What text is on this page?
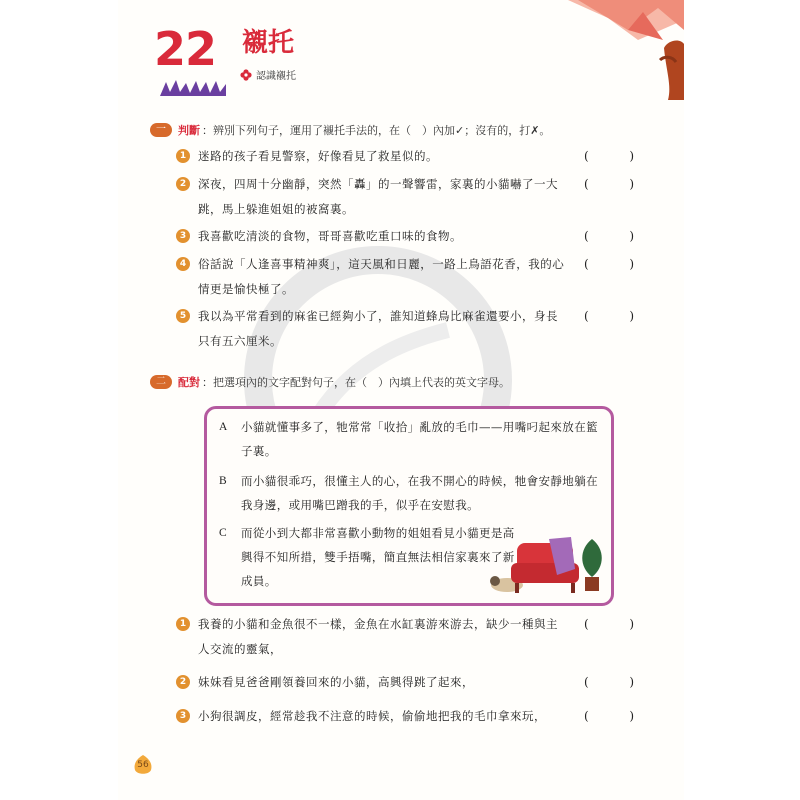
22 襯托
認識襯托
一	判斷 ：辨別下列句子，運用了襯托手法的，在（　）內加✓；沒有的，打✗。
1	迷路的孩子看見警察，好像看見了救星似的。	(	)
2	深夜，四周十分幽靜，突然「轟」的一聲響雷，家裏的小貓嚇了一大跳，馬上躲進姐姐的被窩裏。
(	)
3	我喜歡吃清淡的食物，哥哥喜歡吃重口味的食物。	(	)
4	俗話說「人逢喜事精神爽」，這天風和日麗，一路上鳥語花香，我的心情更是愉快極了。
(	)
5	我以為平常看到的麻雀已經夠小了，誰知道蜂鳥比麻雀還要小，身長只有五六厘米。
(	)
二	配對 ：把選項內的文字配對句子，在（　）內填上代表的英文字母。
A	小貓就懂事多了，牠常常「收拾」亂放的毛巾——用嘴叼起來放在籃子裏。
B	而小貓很乖巧，很懂主人的心，在我不開心的時候，牠會安靜地躺在我身邊，或用嘴巴蹭我的手，似乎在安慰我。
C	而從小到大都非常喜歡小動物的姐姐看見小貓更是高興得不知所措，雙手捂嘴，簡直無法相信家裏來了新成員。
1	我養的小貓和金魚很不一樣，金魚在水缸裏游來游去，缺少一種與主人交流的靈氣，
(	)
2	妹妹看見爸爸剛領養回來的小貓，高興得跳了起來，	(	)
3	小狗很調皮，經常趁我不注意的時候，偷偷地把我的毛巾拿來玩，	(	)
56
